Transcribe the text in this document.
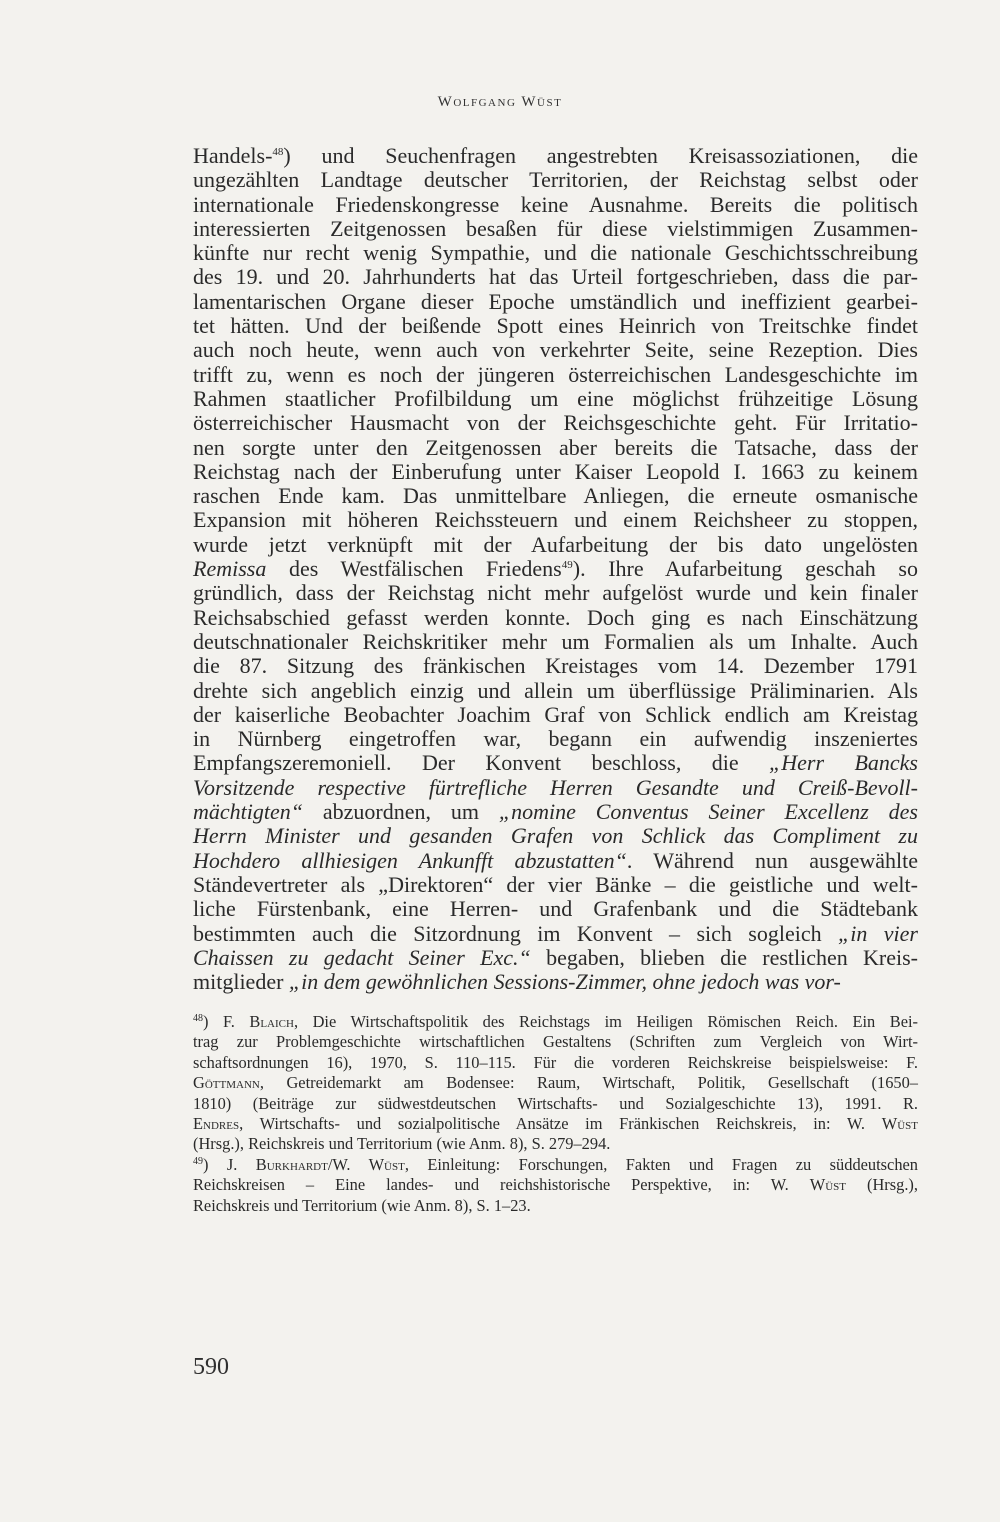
Wolfgang Wüst

Handels-$^{48}$) und Seuchenfragen angestrebten Kreisassoziationen, die
ungezählten Landtage deutscher Territorien, der Reichstag selbst oder
internationale Friedenskongresse keine Ausnahme. Bereits die politisch
interessierten Zeitgenossen besaßen für diese vielstimmigen Zusammen-
künfte nur recht wenig Sympathie, und die nationale Geschichtsschreibung
des 19. und 20. Jahrhunderts hat das Urteil fortgeschrieben, dass die par-
lamentarischen Organe dieser Epoche umständlich und ineffizient gearbei-
tet hätten. Und der beißende Spott eines Heinrich von Treitschke findet
auch noch heute, wenn auch von verkehrter Seite, seine Rezeption. Dies
trifft zu, wenn es noch der jüngeren österreichischen Landesgeschichte im
Rahmen staatlicher Profilbildung um eine möglichst frühzeitige Lösung
österreichischer Hausmacht von der Reichsgeschichte geht. Für Irritatio-
nen sorgte unter den Zeitgenossen aber bereits die Tatsache, dass der
Reichstag nach der Einberufung unter Kaiser Leopold I. 1663 zu keinem
raschen Ende kam. Das unmittelbare Anliegen, die erneute osmanische
Expansion mit höheren Reichssteuern und einem Reichsheer zu stoppen,
wurde jetzt verknüpft mit der Aufarbeitung der bis dato ungelösten
Remissa des Westfälischen Friedens$^{49}$). Ihre Aufarbeitung geschah so
gründlich, dass der Reichstag nicht mehr aufgelöst wurde und kein finaler
Reichsabschied gefasst werden konnte. Doch ging es nach Einschätzung
deutschnationaler Reichskritiker mehr um Formalien als um Inhalte. Auch
die 87. Sitzung des fränkischen Kreistages vom 14. Dezember 1791
drehte sich angeblich einzig und allein um überflüssige Präliminarien. Als
der kaiserliche Beobachter Joachim Graf von Schlick endlich am Kreistag
in Nürnberg eingetroffen war, begann ein aufwendig inszeniertes
Empfangszeremoniell. Der Konvent beschloss, die „Herr Bancks
Vorsitzende respective fürtrefliche Herren Gesandte und Creiß-Bevoll-
mächtigten“ abzuordnen, um „nomine Conventus Seiner Excellenz des
Herrn Minister und gesanden Grafen von Schlick das Compliment zu
Hochdero allhiesigen Ankunfft abzustatten“. Während nun ausgewählte
Ständevertreter als „Direktoren“ der vier Bänke – die geistliche und welt-
liche Fürstenbank, eine Herren- und Grafenbank und die Städtebank
bestimmten auch die Sitzordnung im Konvent – sich sogleich „in vier
Chaissen zu gedacht Seiner Exc.“ begaben, blieben die restlichen Kreis-
mitglieder „in dem gewöhnlichen Sessions-Zimmer, ohne jedoch was vor-

$^{48}$) F. Blaich, Die Wirtschaftspolitik des Reichstags im Heiligen Römischen Reich. Ein Bei-
trag zur Problemgeschichte wirtschaftlichen Gestaltens (Schriften zum Vergleich von Wirt-
schaftsordnungen 16), 1970, S. 110–115. Für die vorderen Reichskreise beispielsweise: F.
Göttmann, Getreidemarkt am Bodensee: Raum, Wirtschaft, Politik, Gesellschaft (1650–
1810) (Beiträge zur südwestdeutschen Wirtschafts- und Sozialgeschichte 13), 1991. R.
Endres, Wirtschafts- und sozialpolitische Ansätze im Fränkischen Reichskreis, in: W. Wüst
(Hrsg.), Reichskreis und Territorium (wie Anm. 8), S. 279–294.
$^{49}$) J. Burkhardt/W. Wüst, Einleitung: Forschungen, Fakten und Fragen zu süddeutschen
Reichskreisen – Eine landes- und reichshistorische Perspektive, in: W. Wüst (Hrsg.),
Reichskreis und Territorium (wie Anm. 8), S. 1–23.
590
